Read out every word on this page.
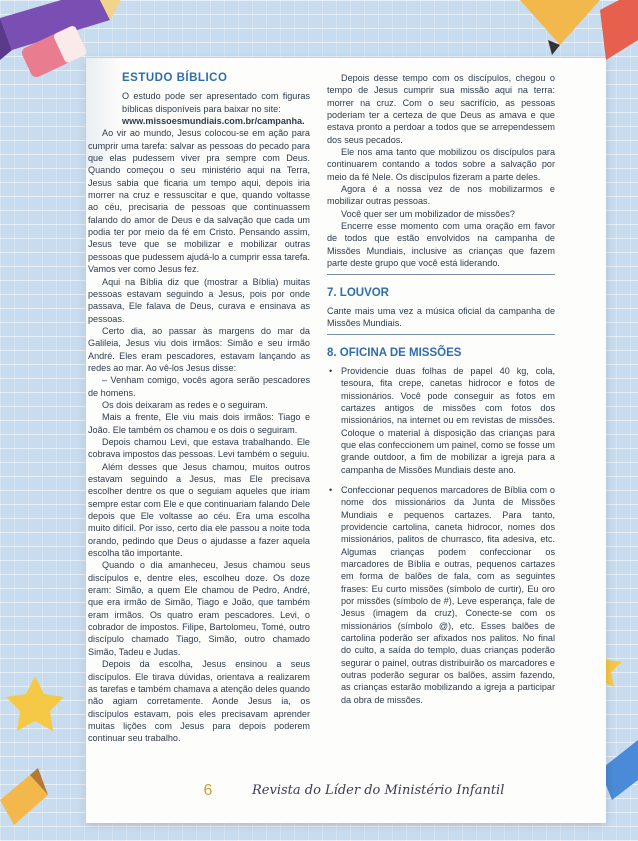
ESTUDO BÍBLICO

O estudo pode ser apresentado com figuras bíblicas disponíveis para baixar no site:

www.missoesmundiais.com.br/campanha.

Ao vir ao mundo, Jesus colocou-se em ação para cumprir uma tarefa: salvar as pessoas do pecado para que elas pudessem viver pra sempre com Deus. Quando começou o seu ministério aqui na Terra, Jesus sabia que ficaria um tempo aqui, depois iria morrer na cruz e ressuscitar e que, quando voltasse ao céu, precisaria de pessoas que continuassem falando do amor de Deus e da salvação que cada um podia ter por meio da fé em Cristo. Pensando assim, Jesus teve que se mobilizar e mobilizar outras pessoas que pudessem ajudá-lo a cumprir essa tarefa. Vamos ver como Jesus fez.

Aqui na Bíblia diz que (mostrar a Bíblia) muitas pessoas estavam seguindo a Jesus, pois por onde passava, Ele falava de Deus, curava e ensinava as pessoas.

Certo dia, ao passar às margens do mar da Galileia, Jesus viu dois irmãos: Simão e seu irmão André. Eles eram pescadores, estavam lançando as redes ao mar. Ao vê-los Jesus disse:

– Venham comigo, vocês agora serão pescadores de homens.

Os dois deixaram as redes e o seguiram.

Mais a frente, Ele viu mais dois irmãos: Tiago e João. Ele também os chamou e os dois o seguiram.

Depois chamou Levi, que estava trabalhando. Ele cobrava impostos das pessoas. Levi também o seguiu.

Além desses que Jesus chamou, muitos outros estavam seguindo a Jesus, mas Ele precisava escolher dentre os que o seguiam aqueles que iriam sempre estar com Ele e que continuariam falando Dele depois que Ele voltasse ao céu. Era uma escolha muito difícil. Por isso, certo dia ele passou a noite toda orando, pedindo que Deus o ajudasse a fazer aquela escolha tão importante.

Quando o dia amanheceu, Jesus chamou seus discípulos e, dentre eles, escolheu doze. Os doze eram: Simão, a quem Ele chamou de Pedro, André, que era irmão de Simão, Tiago e João, que também eram irmãos. Os quatro eram pescadores. Levi, o cobrador de impostos. Filipe, Bartolomeu, Tomé, outro discípulo chamado Tiago, Simão, outro chamado Simão, Tadeu e Judas.

Depois da escolha, Jesus ensinou a seus discípulos. Ele tirava dúvidas, orientava a realizarem as tarefas e também chamava a atenção deles quando não agiam corretamente. Aonde Jesus ia, os discípulos estavam, pois eles precisavam aprender muitas lições com Jesus para depois poderem continuar seu trabalho.

Depois desse tempo com os discípulos, chegou o tempo de Jesus cumprir sua missão aqui na terra: morrer na cruz. Com o seu sacrifício, as pessoas poderiam ter a certeza de que Deus as amava e que estava pronto a perdoar a todos que se arrependessem dos seus pecados.

Ele nos ama tanto que mobilizou os discípulos para continuarem contando a todos sobre a salvação por meio da fé Nele. Os discípulos fizeram a parte deles.

Agora é a nossa vez de nos mobilizarmos e mobilizar outras pessoas.

Você quer ser um mobilizador de missões?

Encerre esse momento com uma oração em favor de todos que estão envolvidos na campanha de Missões Mundiais, inclusive as crianças que fazem parte deste grupo que você está liderando.

7. LOUVOR

Cante mais uma vez a música oficial da campanha de Missões Mundiais.

8. OFICINA DE MISSÕES
• Providencie duas folhas de papel 40 kg, cola, tesoura, fita crepe, canetas hidrocor e fotos de missionários. Você pode conseguir as fotos em cartazes antigos de missões com fotos dos missionários, na internet ou em revistas de missões. Coloque o material à disposição das crianças para que elas confeccionem um painel, como se fosse um grande outdoor, a fim de mobilizar a igreja para a campanha de Missões Mundiais deste ano.
• Confeccionar pequenos marcadores de Bíblia com o nome dos missionários da Junta de Missões Mundiais e pequenos cartazes. Para tanto, providencie cartolina, caneta hidrocor, nomes dos missionários, palitos de churrasco, fita adesiva, etc. Algumas crianças podem confeccionar os marcadores de Bíblia e outras, pequenos cartazes em forma de balões de fala, com as seguintes frases: Eu curto missões (símbolo de curtir), Eu oro por missões (símbolo de #), Leve esperança, fale de Jesus (imagem da cruz), Conecte-se com os missionários (símbolo @), etc. Esses balões de cartolina poderão ser afixados nos palitos. No final do culto, a saída do templo, duas crianças poderão segurar o painel, outras distribuirão os marcadores e outras poderão segurar os balões, assim fazendo, as crianças estarão mobilizando a igreja a participar da obra de missões.
6	Revista do Líder do Ministério Infantil
